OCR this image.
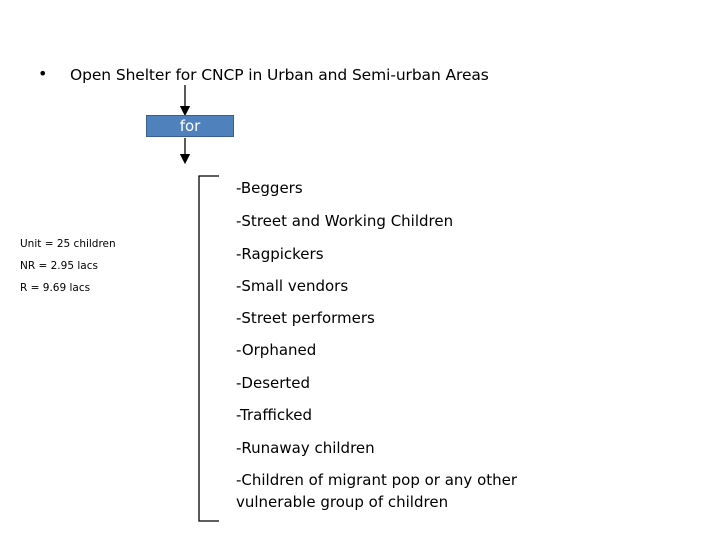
• Open Shelter for CNCP in Urban and Semi-urban Areas
for
Unit = 25 children
NR = 2.95 lacs
R = 9.69 lacs
-Beggers
-Street and Working Children
-Ragpickers
-Small vendors
-Street performers
-Orphaned
-Deserted
-Trafficked
-Runaway children
-Children of migrant pop or any other
vulnerable group of children
